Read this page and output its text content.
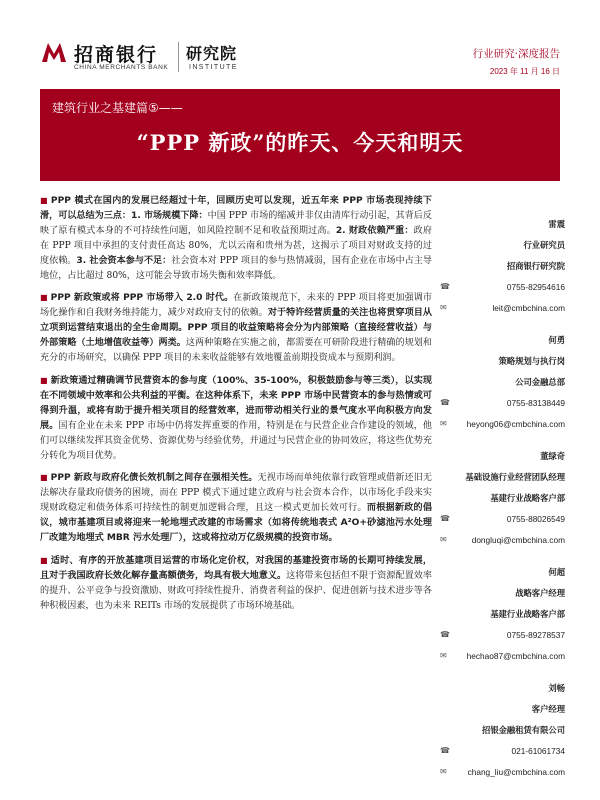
招商银行
CHINA MERCHANTS BANK
研究院
INSTITUTE
行业研究·深度报告
2023 年 11 月 16 日
建筑行业之基建篇⑤——
“PPP 新政”的昨天、今天和明天

■ PPP 模式在国内的发展已经超过十年，回顾历史可以发现，近五年来 PPP 市场表现持续下滑，可以总结为三点：1. 市场规模下降：中国 PPP 市场的缩减并非仅由清库行动引起，其背后反映了原有模式本身的不可持续性问题，如风险控制不足和收益预期过高。2. 财政依赖严重：政府在 PPP 项目中承担的支付责任高达 80%，尤以云南和贵州为甚，这揭示了项目对财政支持的过度依赖。3. 社会资本参与不足：社会资本对 PPP 项目的参与热情减弱，国有企业在市场中占主导地位，占比超过 80%，这可能会导致市场失衡和效率降低。

■ PPP 新政策或将 PPP 市场带入 2.0 时代。在新政策规范下，未来的 PPP 项目将更加强调市场化操作和自我财务维持能力，减少对政府支付的依赖。对于特许经营质量的关注也将贯穿项目从立项到运营结束退出的全生命周期。PPP 项目的收益策略将会分为内部策略（直接经营收益）与外部策略（土地增值收益等）两类。这两种策略在实施之前，都需要在可研阶段进行精确的规划和充分的市场研究，以确保 PPP 项目的未来收益能够有效地覆盖前期投资成本与预期利润。

■ 新政策通过精确调节民营资本的参与度（100%、35-100%，积极鼓励参与等三类），以实现在不同领域中效率和公共利益的平衡。在这种体系下，未来 PPP 市场中民营资本的参与热情或可得到升温，或将有助于提升相关项目的经营效率，进而带动相关行业的景气度水平向积极方向发展。国有企业在未来 PPP 市场中仍将发挥重要的作用，特别是在与民营企业合作建设的领域，他们可以继续发挥其资金优势、资源优势与经验优势，并通过与民营企业的协同效应，将这些优势充分转化为项目优势。

■ PPP 新政与政府化债长效机制之间存在强相关性。无视市场而单纯依靠行政管理或借新还旧无法解决存量政府债务的困境，而在 PPP 模式下通过建立政府与社会资本合作，以市场化手段来实现财政稳定和债务体系可持续性的制更加逻辑合理，且这一模式更加长效可行。而根据新政的倡议，城市基建项目或将迎来一轮地埋式改建的市场需求（如将传统地表式 A²O+砂滤池污水处理厂改建为地埋式 MBR 污水处理厂），这或将拉动万亿级规模的投资市场。

■ 适时、有序的开放基建项目运营的市场化定价权，对我国的基建投资市场的长期可持续发展，且对于我国政府长效化解存量高额债务，均具有极大地意义。这将带来包括但不限于资源配置效率的提升、公平竞争与投资激励、财政可持续性提升、消费者利益的保护、促进创新与技术进步等各种积极因素，也为未来 REITs 市场的发展提供了市场环境基础。

雷震
行业研究员
招商银行研究院
☎	0755-82954616
✉	leit@cmbchina.com
何勇
策略规划与执行岗
公司金融总部
☎	0755-83138449
✉ heyong06@cmbchina.com
董绿奇
基础设施行业经营团队经理
基建行业战略客户部
☎	0755-88026549
✉	dongluqi@cmbchina.com
何超
战略客户经理
基建行业战略客户部
☎	0755-89278537
✉ hechao87@cmbchina.com
刘畅
客户经理
招银金融租赁有限公司
☎	021-61061734
✉	chang_liu@cmbchina.com
